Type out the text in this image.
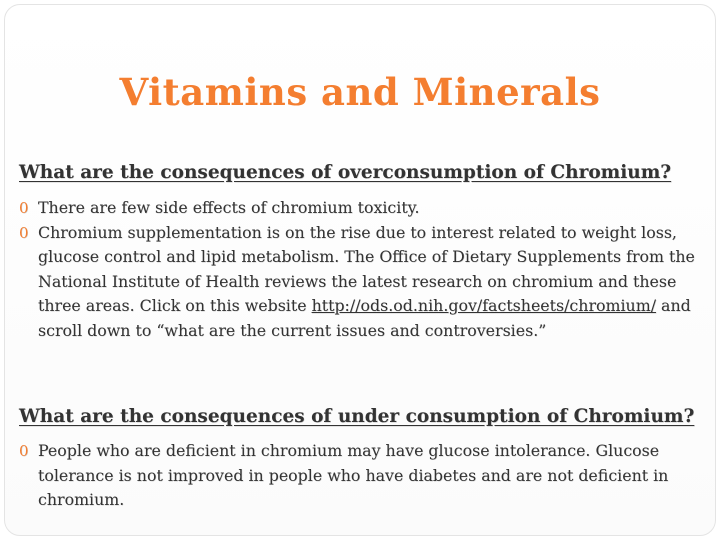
Vitamins and Minerals
What are the consequences of overconsumption of Chromium?
0 There are few side effects of chromium toxicity.
0 Chromium supplementation is on the rise due to interest related to weight loss, glucose control and lipid metabolism. The Office of Dietary Supplements from the National Institute of Health reviews the latest research on chromium and these three areas. Click on this website http://ods.od.nih.gov/factsheets/chromium/ and scroll down to “what are the current issues and controversies.”
What are the consequences of under consumption of Chromium?
0 People who are deficient in chromium may have glucose intolerance. Glucose tolerance is not improved in people who have diabetes and are not deficient in chromium.
